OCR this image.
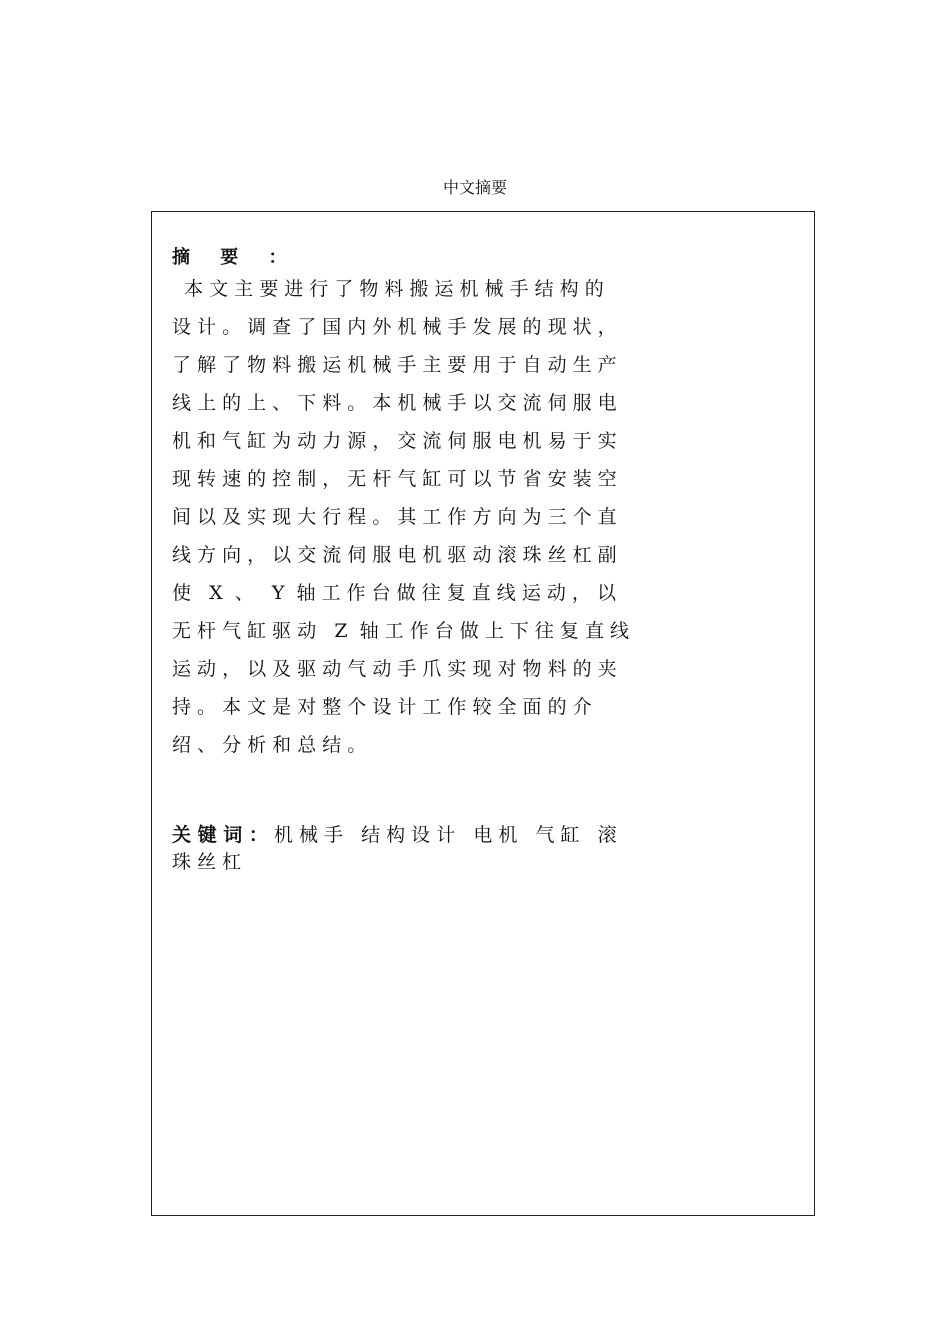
中文摘要
摘 要 ：
本 文 主 要 进 行 了 物 料 搬 运 机 械 手 结 构 的
设 计 。 调 查 了 国 内 外 机 械 手 发 展 的 现 状 ，
了 解 了 物 料 搬 运 机 械 手 主 要 用 于 自 动 生 产
线 上 的 上 、 下 料 。 本 机 械 手 以 交 流 伺 服 电
机 和 气 缸 为 动 力 源 ， 交 流 伺 服 电 机 易 于 实
现 转 速 的 控 制 ， 无 杆 气 缸 可 以 节 省 安 装 空
间 以 及 实 现 大 行 程 。 其 工 作 方 向 为 三 个 直
线 方 向 ， 以 交 流 伺 服 电 机 驱 动 滚 珠 丝 杠 副
使   X  、   Y  轴 工 作 台 做 往 复 直 线 运 动 ， 以
无 杆 气 缸 驱 动   Z  轴 工 作 台 做 上 下 往 复 直 线
运 动 ， 以 及 驱 动 气 动 手 爪 实 现 对 物 料 的 夹
持 。 本 文 是 对 整 个 设 计 工 作 较 全 面 的 介
绍 、 分 析 和 总 结 。
关 键 词 ： 机 械 手   结 构 设 计   电 机   气 缸   滚
珠 丝 杠
